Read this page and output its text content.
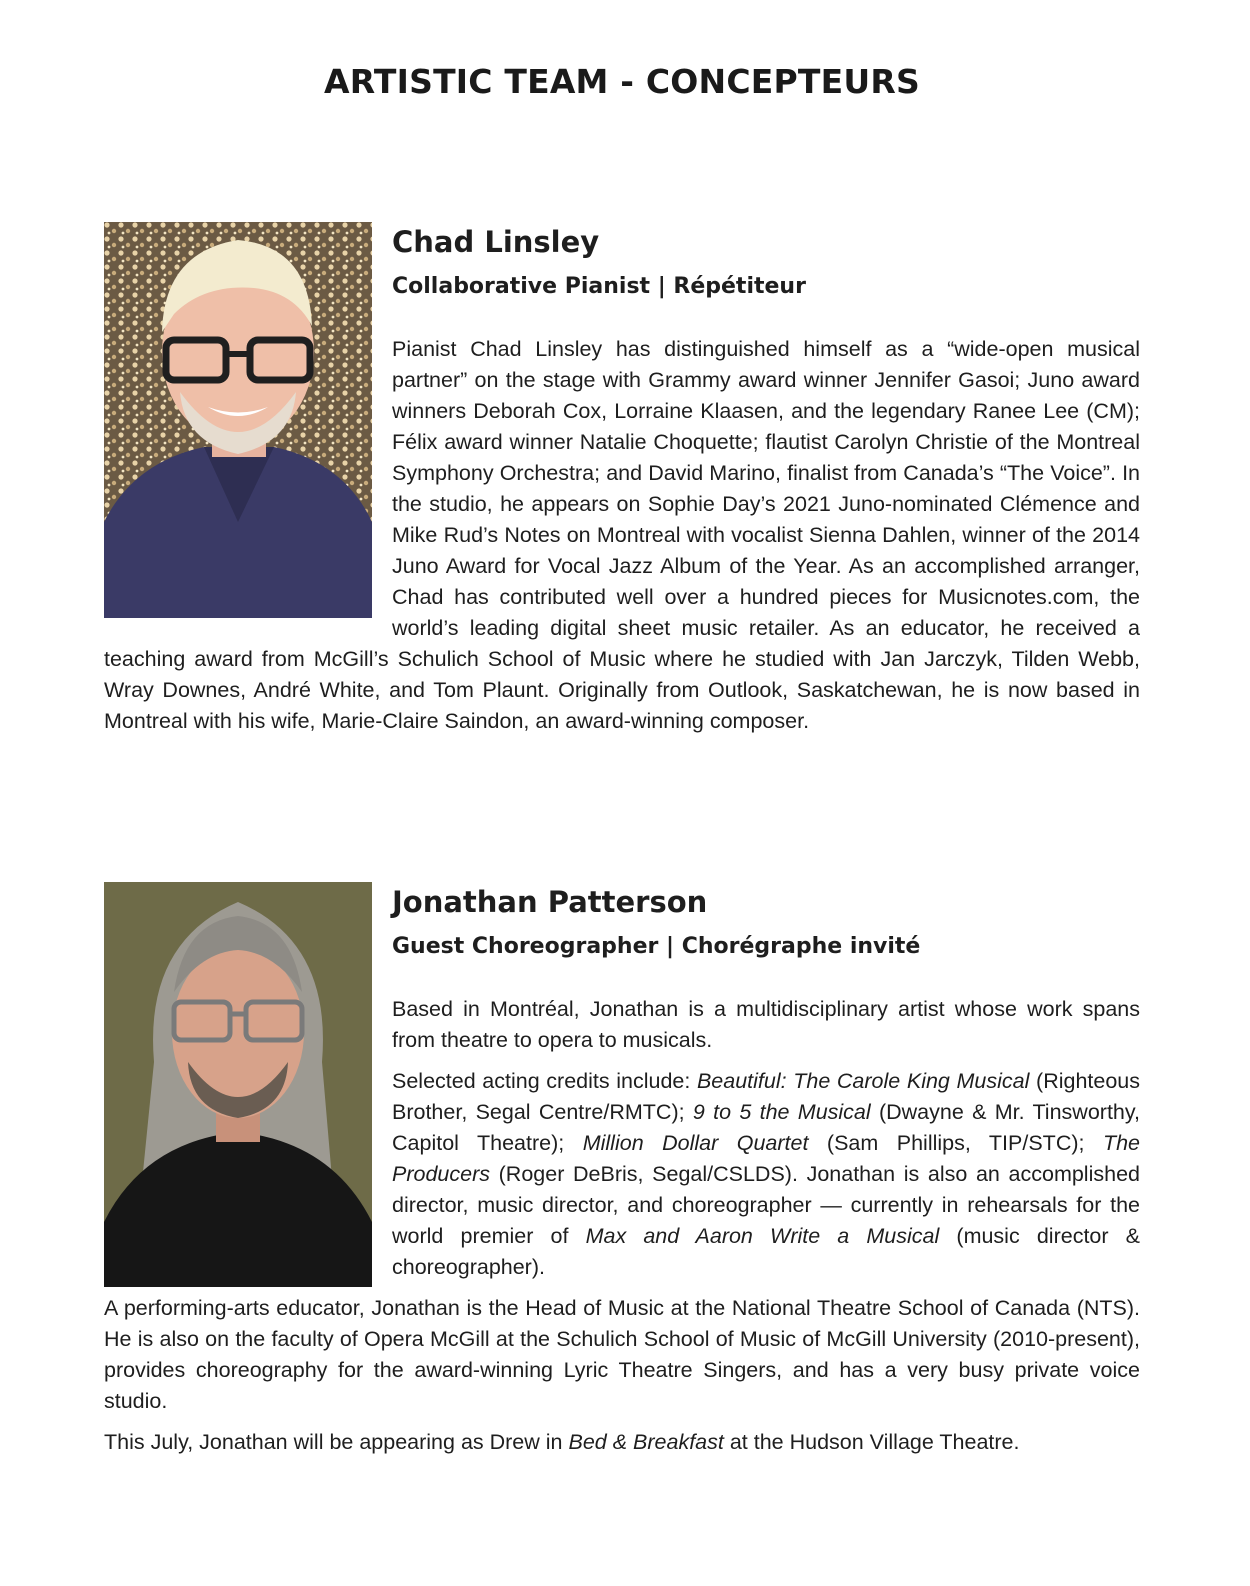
ARTISTIC TEAM - CONCEPTEURS
Chad Linsley
Collaborative Pianist | Répétiteur

Pianist Chad Linsley has distinguished himself as a “wide-open musical partner” on the stage with Grammy award winner Jennifer Gasoi; Juno award winners Deborah Cox, Lorraine Klaasen, and the legendary Ranee Lee (CM); Félix award winner Natalie Choquette; flautist Carolyn Christie of the Montreal Symphony Orchestra; and David Marino, finalist from Canada’s “The Voice”. In the studio, he appears on Sophie Day’s 2021 Juno-nominated Clémence and Mike Rud’s Notes on Montreal with vocalist Sienna Dahlen, winner of the 2014 Juno Award for Vocal Jazz Album of the Year. As an accomplished arranger, Chad has contributed well over a hundred pieces for Musicnotes.com, the world’s leading digital sheet music retailer. As an educator, he received a teaching award from McGill’s Schulich School of Music where he studied with Jan Jarczyk, Tilden Webb, Wray Downes, André White, and Tom Plaunt. Originally from Outlook, Saskatchewan, he is now based in Montreal with his wife, Marie-Claire Saindon, an award-winning composer.

Jonathan Patterson
Guest Choreographer | Chorégraphe invité

Based in Montréal, Jonathan is a multidisciplinary artist whose work spans from theatre to opera to musicals.

Selected acting credits include: Beautiful: The Carole King Musical (Righteous Brother, Segal Centre/RMTC); 9 to 5 the Musical (Dwayne & Mr. Tinsworthy, Capitol Theatre); Million Dollar Quartet (Sam Phillips, TIP/STC); The Producers (Roger DeBris, Segal/CSLDS). Jonathan is also an accomplished director, music director, and choreographer — currently in rehearsals for the world premier of Max and Aaron Write a Musical (music director & choreographer).

A performing-arts educator, Jonathan is the Head of Music at the National Theatre School of Canada (NTS). He is also on the faculty of Opera McGill at the Schulich School of Music of McGill University (2010-present), provides choreography for the award-winning Lyric Theatre Singers, and has a very busy private voice studio.

This July, Jonathan will be appearing as Drew in Bed & Breakfast at the Hudson Village Theatre.
